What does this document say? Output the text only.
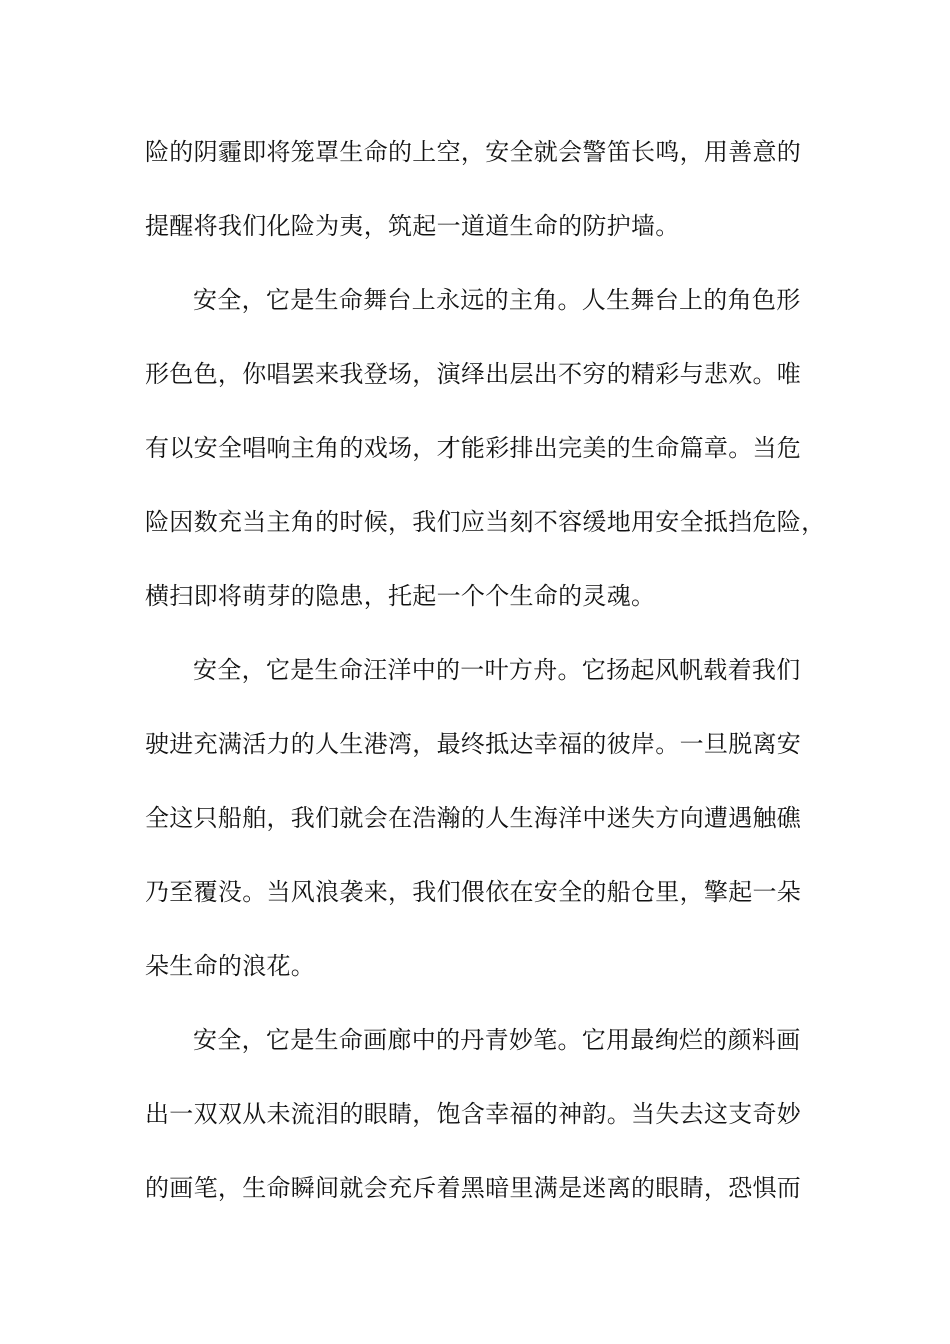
险的阴霾即将笼罩生命的上空，安全就会警笛长鸣，用善意的
提醒将我们化险为夷，筑起一道道生命的防护墙。
安全，它是生命舞台上永远的主角。人生舞台上的角色形
形色色，你唱罢来我登场，演绎出层出不穷的精彩与悲欢。唯
有以安全唱响主角的戏场，才能彩排出完美的生命篇章。当危
险因数充当主角的时候，我们应当刻不容缓地用安全抵挡危险，
横扫即将萌芽的隐患，托起一个个生命的灵魂。
安全，它是生命汪洋中的一叶方舟。它扬起风帆载着我们
驶进充满活力的人生港湾，最终抵达幸福的彼岸。一旦脱离安
全这只船舶，我们就会在浩瀚的人生海洋中迷失方向遭遇触礁
乃至覆没。当风浪袭来，我们偎依在安全的船仓里，擎起一朵
朵生命的浪花。
安全，它是生命画廊中的丹青妙笔。它用最绚烂的颜料画
出一双双从未流泪的眼睛，饱含幸福的神韵。当失去这支奇妙
的画笔，生命瞬间就会充斥着黑暗里满是迷离的眼睛，恐惧而
